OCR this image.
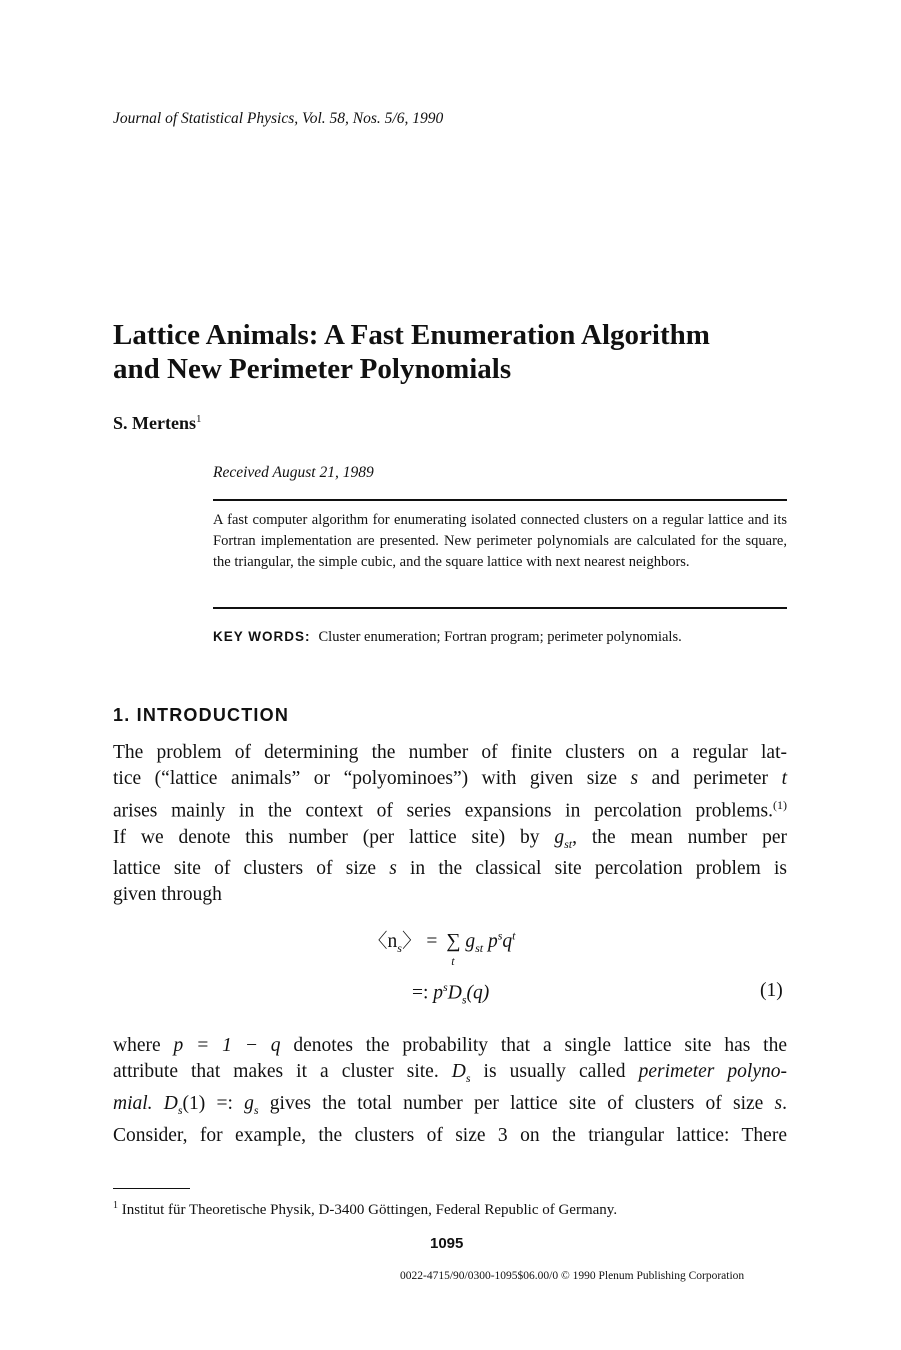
Journal of Statistical Physics, Vol. 58, Nos. 5/6, 1990
Lattice Animals: A Fast Enumeration Algorithm
and New Perimeter Polynomials
S. Mertens$^1$
Received August 21, 1989
A fast computer algorithm for enumerating isolated connected clusters on a regular lattice and its Fortran implementation are presented. New perimeter polynomials are calculated for the square, the triangular, the simple cubic, and the square lattice with next nearest neighbors.
KEY WORDS: Cluster enumeration; Fortran program; perimeter polynomials.
1. INTRODUCTION
The problem of determining the number of finite clusters on a regular lat-
tice (“lattice animals” or “polyominoes”) with given size s and perimeter t
arises mainly in the context of series expansions in percolation problems.$^{(1)}$
If we denote this number (per lattice site) by $g_{st}$, the mean number per
lattice site of clusters of size s in the classical site percolation problem is
given through
$〈n_s〉$ = ∑
t
$g_{st}$ $p^sq^t$
=: $p^sD_s(q)$	(1)
where p = 1 − q denotes the probability that a single lattice site has the
attribute that makes it a cluster site. $D_s$ is usually called perimeter polyno-
mial. $D_s(1)$ =: $g_s$ gives the total number per lattice site of clusters of size s.
Consider, for example, the clusters of size 3 on the triangular lattice: There
$^1$ Institut für Theoretische Physik, D-3400 Göttingen, Federal Republic of Germany.
1095
0022-4715/90/0300-1095$06.00/0 © 1990 Plenum Publishing Corporation
